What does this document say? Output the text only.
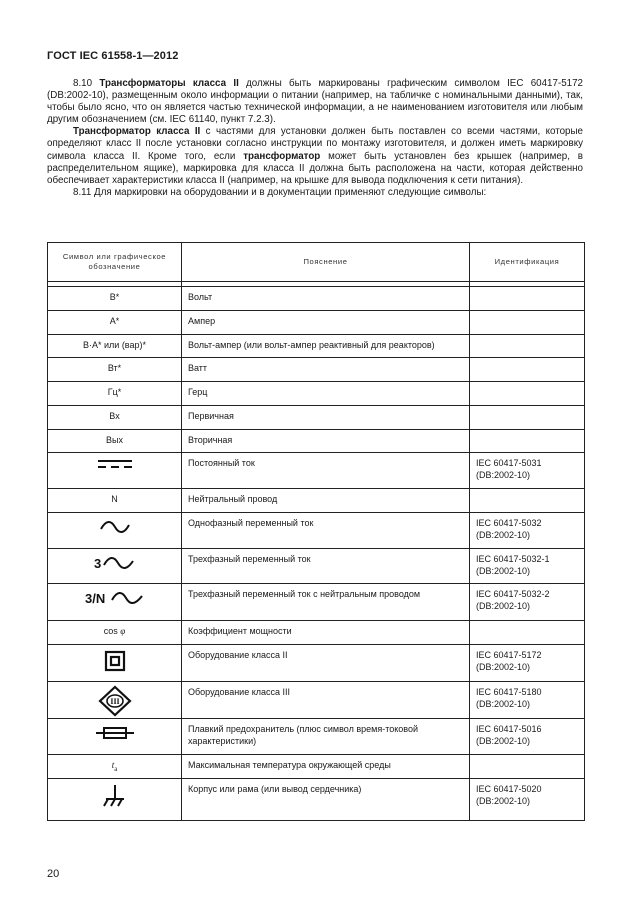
ГОСТ IEC 61558-1—2012

8.10 Трансформаторы класса II должны быть маркированы графическим символом IEC 60417-5172 (DB:2002-10), размещенным около информации о питании (например, на табличке с номинальными данными), так, чтобы было ясно, что он является частью технической информации, а не наименованием изготовителя или любым другим обозначением (см. IEC 61140, пункт 7.2.3).

Трансформатор класса II с частями для установки должен быть поставлен со всеми частями, которые определяют класс II после установки согласно инструкции по монтажу изготовителя, и должен иметь маркировку символа класса II. Кроме того, если трансформатор может быть установлен без крышек (например, в распределительном ящике), маркировка для класса II должна быть расположена на части, которая действенно обеспечивает характеристики класса II (например, на крышке для вывода подключения к сети питания).

8.11 Для маркировки на оборудовании и в документации применяют следующие символы:

Символ или графическое обозначение	Пояснение	Идентификация

В*	Вольт	
А*	Ампер	
В·А* или (вар)*	Вольт-ампер (или вольт-ампер реактивный для реакторов)	
Вт*	Ватт	
Гц*	Герц	
Вх	Первичная	
Вых	Вторичная	

	Постоянный ток	IEC 60417-5031
(DB:2002-10)

N	Нейтральный провод	

	Однофазный переменный ток	IEC 60417-5032
(DB:2002-10)

3	Трехфазный переменный ток	IEC 60417-5032-1
(DB:2002-10)

3/N	Трехфазный переменный ток с нейтральным проводом	IEC 60417-5032-2
(DB:2002-10)

cos φ	Коэффициент мощности	

	Оборудование класса II	IEC 60417-5172
(DB:2002-10)

III	Оборудование класса III	IEC 60417-5180
(DB:2002-10)

	Плавкий предохранитель (плюс символ время-токовой характеристики)	IEC 60417-5016
(DB:2002-10)

$t_a$	Максимальная температура окружающей среды	

	Корпус или рама (или вывод сердечника)	IEC 60417-5020
(DB:2002-10)
20
